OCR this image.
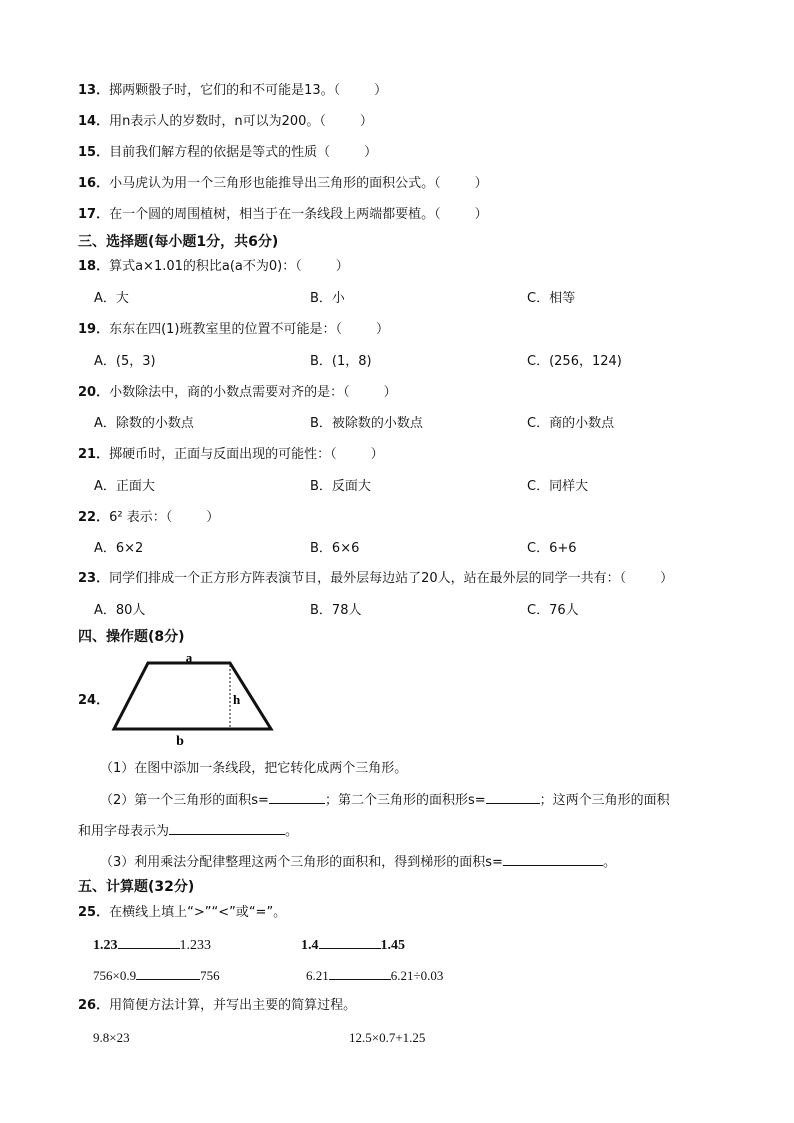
13．掷两颗骰子时，它们的和不可能是13。（	）
14．用n表示人的岁数时，n可以为200。（	）
15．目前我们解方程的依据是等式的性质（	）
16．小马虎认为用一个三角形也能推导出三角形的面积公式。（	）
17．在一个圆的周围植树，相当于在一条线段上两端都要植。（	）
三、选择题(每小题1分，共6分)
18．算式a×1.01的积比a(a不为0)：（	）
A．大	B．小	C．相等
19．东东在四(1)班教室里的位置不可能是：（	）
A．(5，3)	B．(1，8)	C．(256，124)
20．小数除法中，商的小数点需要对齐的是：（	）
A．除数的小数点	B．被除数的小数点	C．商的小数点
21．掷硬币时，正面与反面出现的可能性：（	）
A．正面大	B．反面大	C．同样大
22．6² 表示：（	）
A．6×2	B．6×6	C．6+6
23．同学们排成一个正方形方阵表演节目，最外层每边站了20人，站在最外层的同学一共有：（	）
A．80人	B．78人	C．76人
四、操作题(8分)
24．
a
h
b
（1）在图中添加一条线段，把它转化成两个三角形。
（2）第一个三角形的面积s=	；第二个三角形的面积形s=	；这两个三角形的面积
和用字母表示为	。
（3）利用乘法分配律整理这两个三角形的面积和，得到梯形的面积s=	。
五、计算题(32分)
25．在横线上填上“>”“<”或“=”。
1.23	1.233	1.4	1.45
756×0.9	756	6.21	6.21÷0.03
26．用简便方法计算，并写出主要的简算过程。
9.8×23	12.5×0.7+1.25
